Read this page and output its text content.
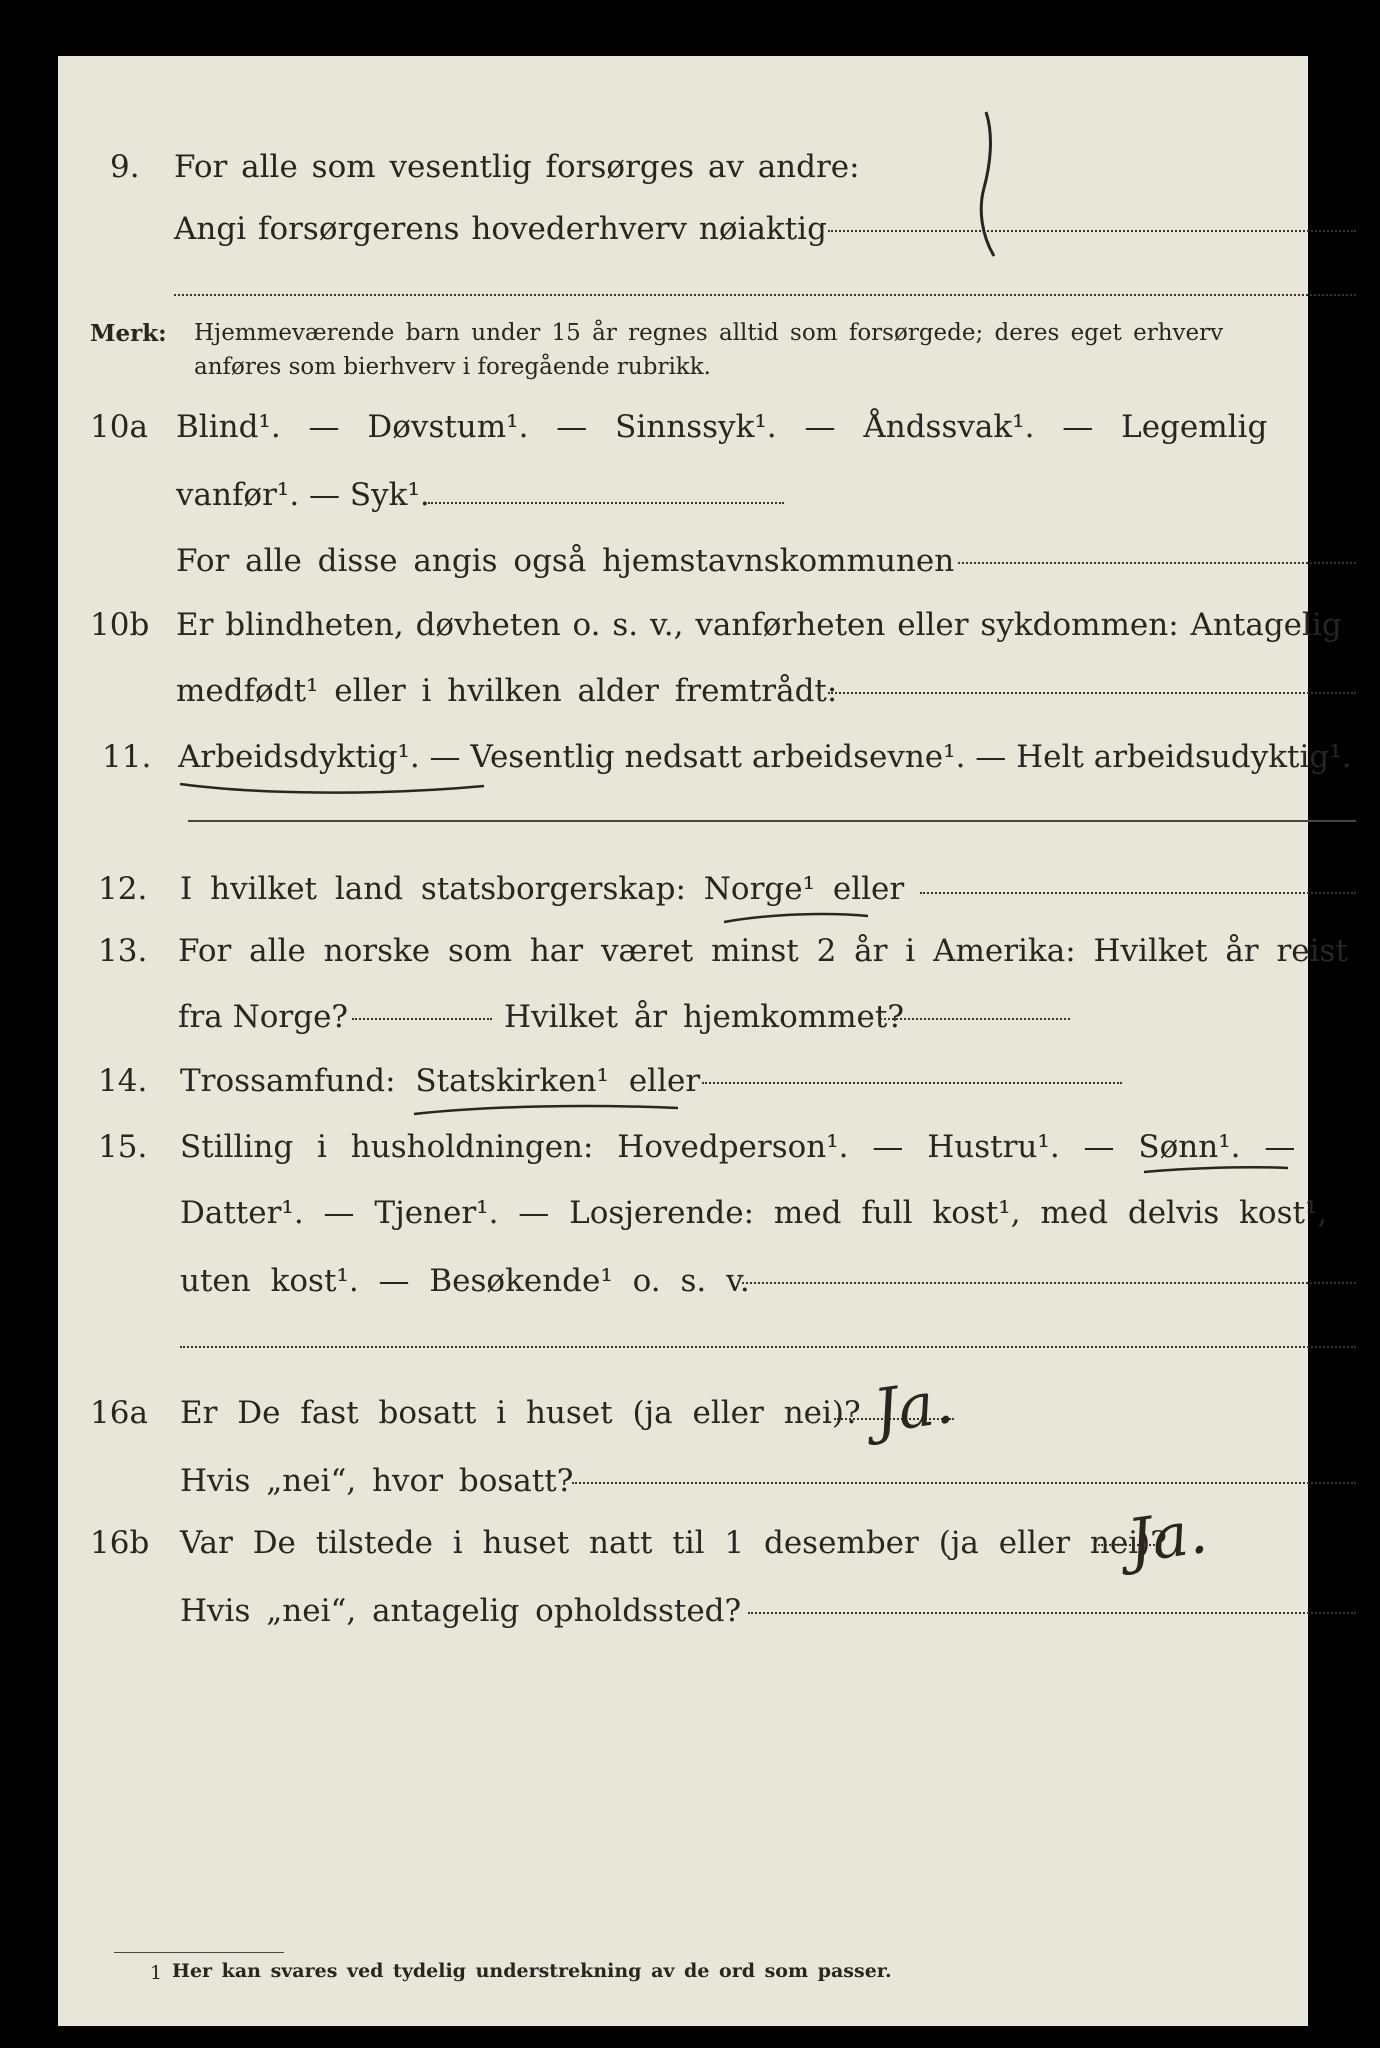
9. For alle som vesentlig forsørges av andre:
Angi forsørgerens hovederhverv nøiaktig
Merk: Hjemmeværende barn under 15 år regnes alltid som forsørgede; deres eget erhverv
anføres som bierhverv i foregående rubrikk.
10a Blind¹. — Døvstum¹. — Sinnssyk¹. — Åndssvak¹. — Legemlig
vanfør¹. — Syk¹.
For alle disse angis også hjemstavnskommunen
10b Er blindheten, døvheten o. s. v., vanførheten eller sykdommen: Antagelig
medfødt¹ eller i hvilken alder fremtrådt:
11. Arbeidsdyktig¹. — Vesentlig nedsatt arbeidsevne¹. — Helt arbeidsudyktig¹.
12. I hvilket land statsborgerskap: Norge¹ eller
13. For alle norske som har været minst 2 år i Amerika: Hvilket år reist
fra Norge?	Hvilket år hjemkommet?
14. Trossamfund: Statskirken¹ eller
15. Stilling i husholdningen: Hovedperson¹. — Hustru¹. — Sønn¹. —
Datter¹. — Tjener¹. — Losjerende: med full kost¹, med delvis kost¹,
uten kost¹. — Besøkende¹ o. s. v.
16a Er De fast bosatt i huset (ja eller nei)? Ja.
Hvis „nei“, hvor bosatt?
16b Var De tilstede i huset natt til 1 desember (ja eller nei)?
Ja.
Hvis „nei“, antagelig opholdssted?
1 Her kan svares ved tydelig understrekning av de ord som passer.
